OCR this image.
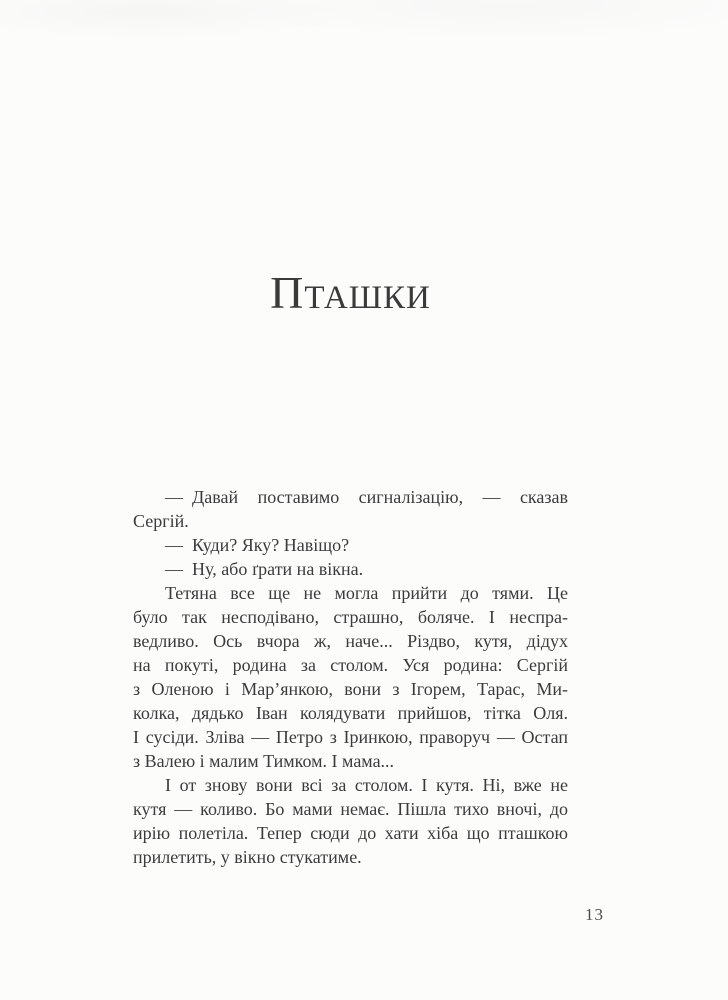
ПТАШКИ
— Давай поставимо сигналізацію, — сказав
Сергій.
— Куди? Яку? Навіщо?
— Ну, або ґрати на вікна.
Тетяна все ще не могла прийти до тями. Це
було так несподівано, страшно, боляче. І неспра-
ведливо. Ось вчора ж, наче... Різдво, кутя, дідух
на покуті, родина за столом. Уся родина: Сергій
з Оленою і Мар’янкою, вони з Ігорем, Тарас, Ми-
колка, дядько Іван колядувати прийшов, тітка Оля.
І сусіди. Зліва — Петро з Іринкою, праворуч — Остап
з Валею і малим Тимком. І мама...
І от знову вони всі за столом. І кутя. Ні, вже не
кутя — коливо. Бо мами немає. Пішла тихо вночі, до
ирію полетіла. Тепер сюди до хати хіба що пташкою
прилетить, у вікно стукатиме.
13
